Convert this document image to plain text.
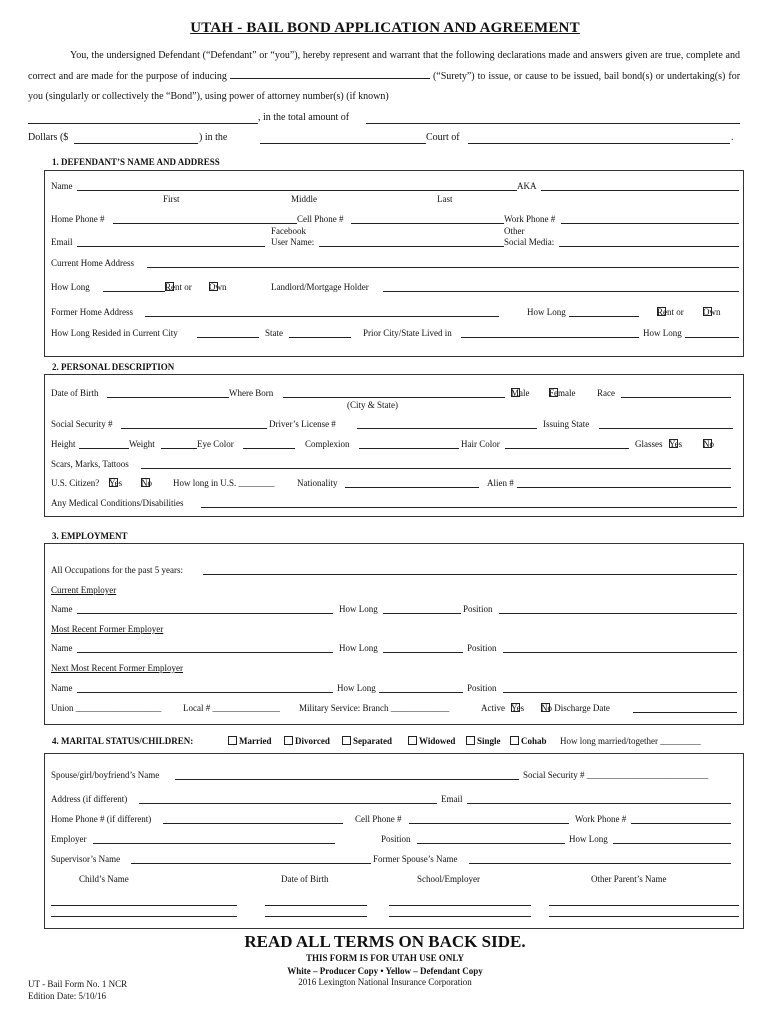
UTAH - BAIL BOND APPLICATION AND AGREEMENT

You, the undersigned Defendant (“Defendant” or “you”), hereby represent and warrant that the following declarations made and answers given are true, complete and correct and are made for the purpose of inducing	(“Surety”) to issue, or cause to be issued, bail bond(s) or undertaking(s) for you (singularly or collectively the “Bond”), using power of attorney number(s) (if known)

, in the total amount of
Dollars ($	) in the	Court of	.
1. DEFENDANT’S NAME AND ADDRESS
Name	AKA
First	Middle	Last
Home Phone #	Cell Phone #	Work Phone #
Facebook	Other
Email	User Name:	Social Media:
Current Home Address
How Long	Rent or Own	Landlord/Mortgage Holder
Former Home Address	How Long	Rent or Own
How Long Resided in Current City	State	Prior City/State Lived in	How Long
2. PERSONAL DESCRIPTION
Date of Birth	Where Born	Male Female Race
(City & State)
Social Security #	Driver’s License #	Issuing State
Height	Weight	Eye Color	Complexion	Hair Color	Glasses Yes No
Scars, Marks, Tattoos
U.S. Citizen? Yes No How long in U.S. ________ Nationality	Alien #
Any Medical Conditions/Disabilities
3. EMPLOYMENT
All Occupations for the past 5 years:
Current Employer
Name	How Long	Position
Most Recent Former Employer
Name	How Long	Position
Next Most Recent Former Employer
Name	How Long	Position
Union ___________________ Local # _______________ Military Service: Branch _____________	Active Yes No Discharge Date
4. MARITAL STATUS/CHILDREN:	Married	Divorced	Separated	Widowed	Single	Cohab How long married/together _________
Spouse/girl/boyfriend’s Name	Social Security # ___________________________
Address (if different)	Email
Home Phone # (if different)	Cell Phone #	Work Phone #
Employer	Position	How Long
Supervisor’s Name	Former Spouse’s Name
Child’s Name	Date of Birth	School/Employer	Other Parent’s Name
READ ALL TERMS ON BACK SIDE.
THIS FORM IS FOR UTAH USE ONLY
White – Producer Copy • Yellow – Defendant Copy
2016 Lexington National Insurance Corporation
UT - Bail Form No. 1 NCR
Edition Date: 5/10/16
